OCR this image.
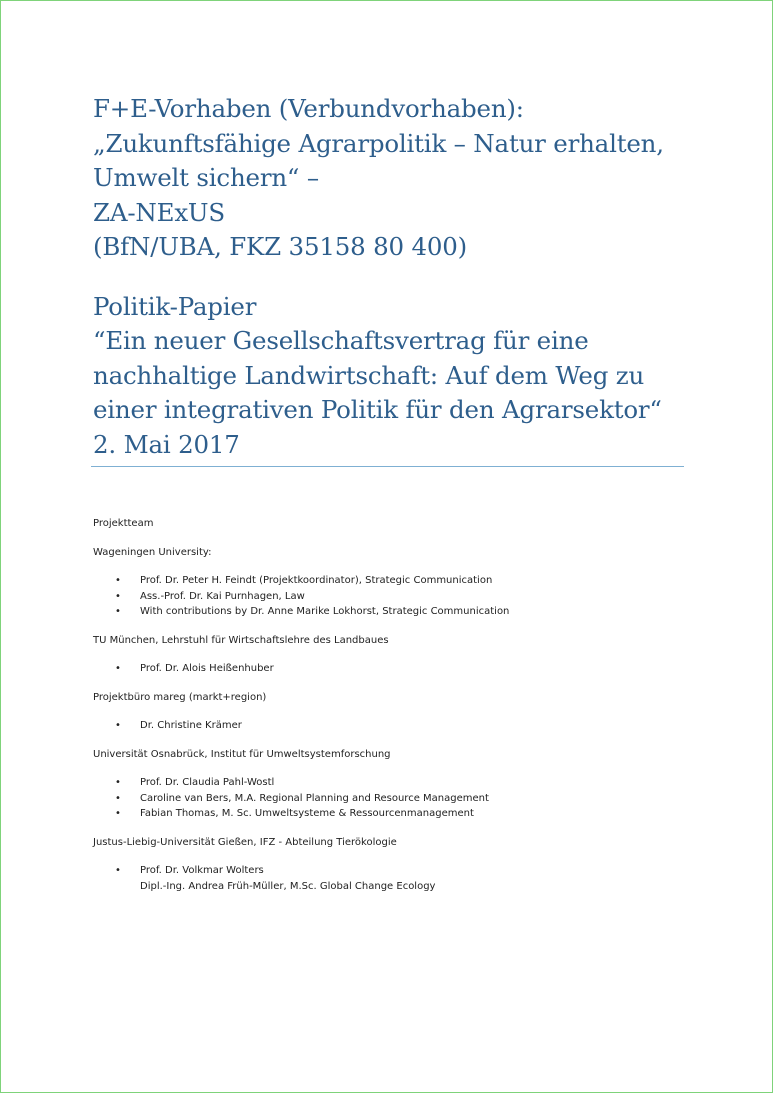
F+E-Vorhaben (Verbundvorhaben):
„Zukunftsfähige Agrarpolitik – Natur erhalten,
Umwelt sichern“ –
ZA-NExUS
(BfN/UBA, FKZ 35158 80 400)
Politik-Papier
“Ein neuer Gesellschaftsvertrag für eine
nachhaltige Landwirtschaft: Auf dem Weg zu
einer integrativen Politik für den Agrarsektor“
2. Mai 2017

Projektteam

Wageningen University:

• Prof. Dr. Peter H. Feindt (Projektkoordinator), Strategic Communication
• Ass.-Prof. Dr. Kai Purnhagen, Law
• With contributions by Dr. Anne Marike Lokhorst, Strategic Communication

TU München, Lehrstuhl für Wirtschaftslehre des Landbaues

• Prof. Dr. Alois Heißenhuber

Projektbüro mareg (markt+region)

• Dr. Christine Krämer

Universität Osnabrück, Institut für Umweltsystemforschung

• Prof. Dr. Claudia Pahl-Wostl
• Caroline van Bers, M.A. Regional Planning and Resource Management
• Fabian Thomas, M. Sc. Umweltsysteme & Ressourcenmanagement

Justus-Liebig-Universität Gießen, IFZ - Abteilung Tierökologie

• Prof. Dr. Volkmar Wolters
Dipl.-Ing. Andrea Früh-Müller, M.Sc. Global Change Ecology
